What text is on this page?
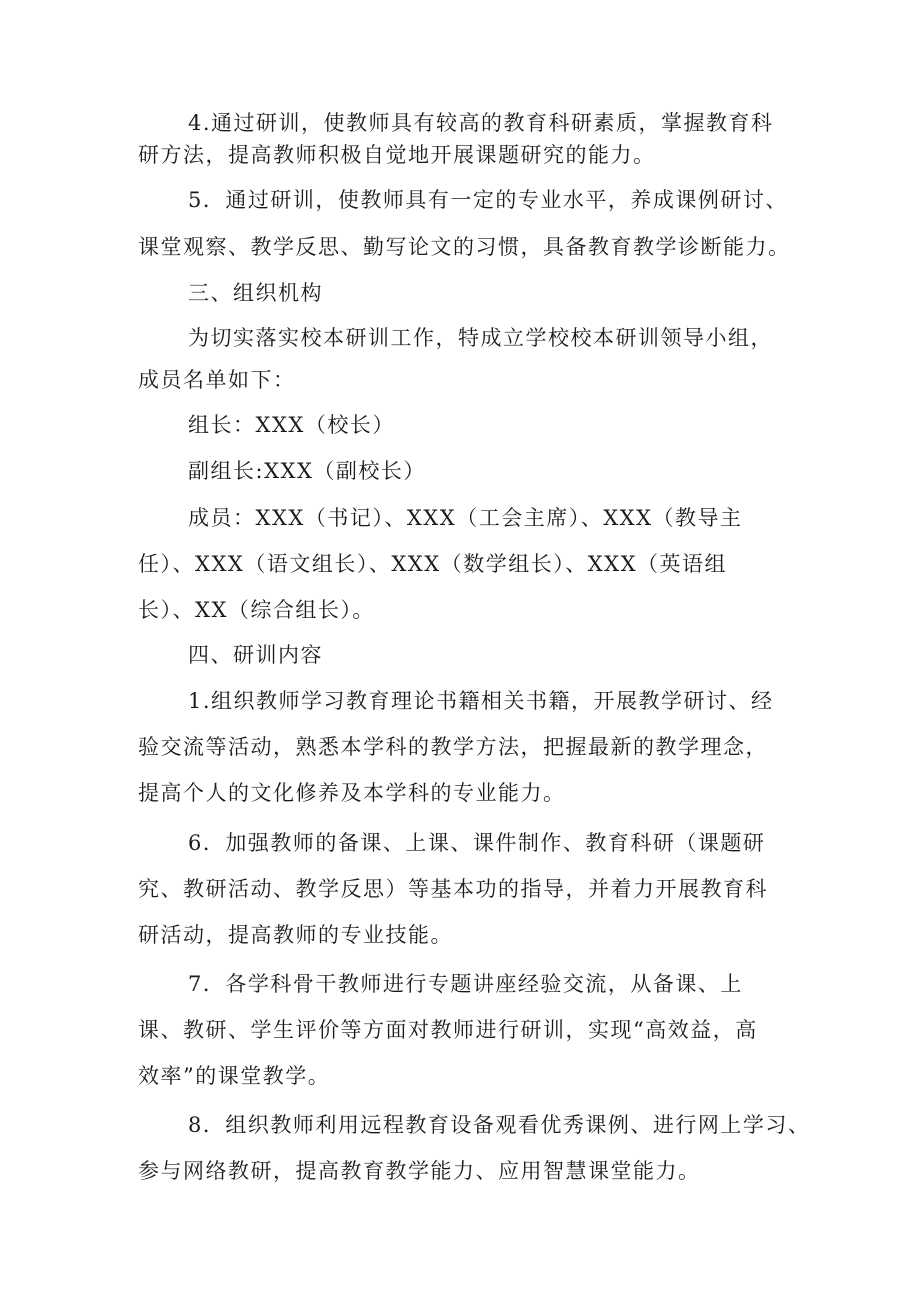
4.通过研训，使教师具有较高的教育科研素质，掌握教育科
研方法，提高教师积极自觉地开展课题研究的能力。
5．通过研训，使教师具有一定的专业水平，养成课例研讨、
课堂观察、教学反思、勤写论文的习惯，具备教育教学诊断能力。
三、组织机构
为切实落实校本研训工作，特成立学校校本研训领导小组，
成员名单如下：
组长：XXX（校长）
副组长:XXX（副校长）
成员：XXX（书记）、XXX（工会主席）、XXX（教导主
任）、XXX（语文组长）、XXX（数学组长）、XXX（英语组
长）、XX（综合组长）。
四、研训内容
1.组织教师学习教育理论书籍相关书籍，开展教学研讨、经
验交流等活动，熟悉本学科的教学方法，把握最新的教学理念，
提高个人的文化修养及本学科的专业能力。
6．加强教师的备课、上课、课件制作、教育科研（课题研
究、教研活动、教学反思）等基本功的指导，并着力开展教育科
研活动，提高教师的专业技能。
7．各学科骨干教师进行专题讲座经验交流，从备课、上
课、教研、学生评价等方面对教师进行研训，实现“高效益，高
效率”的课堂教学。
8．组织教师利用远程教育设备观看优秀课例、进行网上学习、
参与网络教研，提高教育教学能力、应用智慧课堂能力。
